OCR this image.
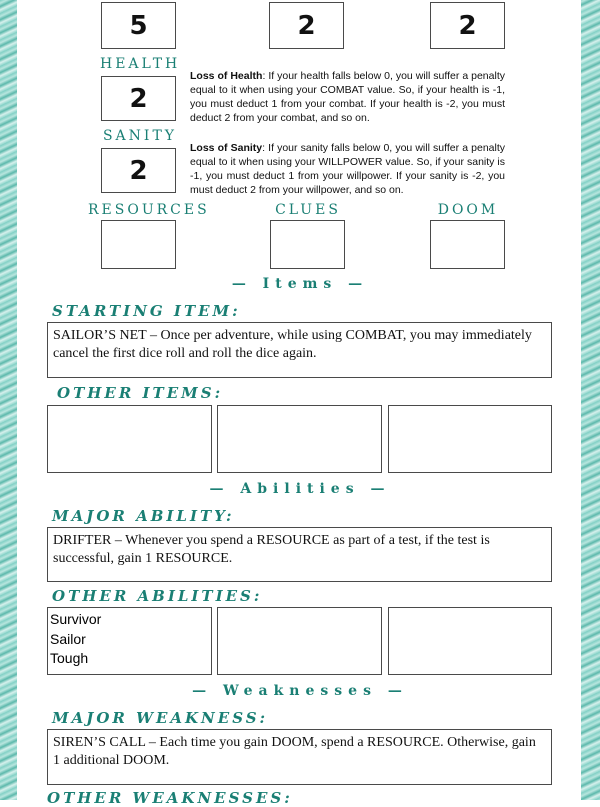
5	2	2
HEALTH
2
SANITY
2
Loss of Health: If your health falls below 0, you will suffer a penalty equal to it when using your COMBAT value. So, if your health is -1, you must deduct 1 from your combat. If your health is -2, you must deduct 2 from your combat, and so on.
Loss of Sanity: If your sanity falls below 0, you will suffer a penalty equal to it when using your WILLPOWER value. So, if your sanity is -1, you must deduct 1 from your willpower. If your sanity is -2, you must deduct 2 from your willpower, and so on.
RESOURCES	CLUES	DOOM
— Items —
STARTING ITEM:
SAILOR’S NET – Once per adventure, while using COMBAT, you may immediately cancel the first dice roll and roll the dice again.
OTHER ITEMS:
— Abilities —
MAJOR ABILITY:
DRIFTER – Whenever you spend a RESOURCE as part of a test, if the test is successful, gain 1 RESOURCE.
OTHER ABILITIES:
Survivor
Sailor
Tough
— Weaknesses —
MAJOR WEAKNESS:
SIREN’S CALL – Each time you gain DOOM, spend a RESOURCE. Otherwise, gain 1 additional DOOM.
OTHER WEAKNESSES:
